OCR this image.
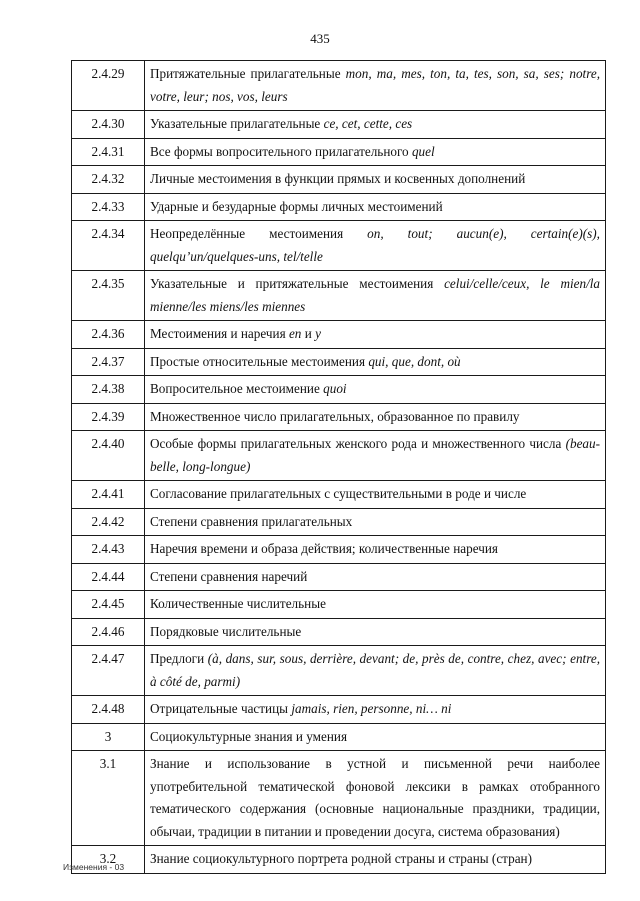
435
2.4.29	Притяжательные прилагательные mon, ma, mes, ton, ta, tes, son, sa, ses; notre, votre, leur; nos, vos, leurs
2.4.30	Указательные прилагательные ce, cet, cette, ces
2.4.31	Все формы вопросительного прилагательного quel
2.4.32	Личные местоимения в функции прямых и косвенных дополнений
2.4.33	Ударные и безударные формы личных местоимений
2.4.34	Неопределённые местоимения on, tout; aucun(e), certain(e)(s), quelqu’un/quelques-uns, tel/telle
2.4.35	Указательные и притяжательные местоимения celui/celle/ceux, le mien/la mienne/les miens/les miennes
2.4.36	Местоимения и наречия en и y
2.4.37	Простые относительные местоимения qui, que, dont, où
2.4.38	Вопросительное местоимение quoi
2.4.39	Множественное число прилагательных, образованное по правилу
2.4.40	Особые формы прилагательных женского рода и множественного числа (beau-belle, long-longue)
2.4.41	Согласование прилагательных с существительными в роде и числе
2.4.42	Степени сравнения прилагательных
2.4.43	Наречия времени и образа действия; количественные наречия
2.4.44	Степени сравнения наречий
2.4.45	Количественные числительные
2.4.46	Порядковые числительные
2.4.47	Предлоги (à, dans, sur, sous, derrière, devant; de, près de, contre, chez, avec; entre, à côté de, parmi)
2.4.48	Отрицательные частицы jamais, rien, personne, ni… ni
3	Социокультурные знания и умения
3.1	Знание и использование в устной и письменной речи наиболее употребительной тематической фоновой лексики в рамках отобранного тематического содержания (основные национальные праздники, традиции, обычаи, традиции в питании и проведении досуга, система образования)
3.2	Знание социокультурного портрета родной страны и страны (стран)
Изменения - 03
